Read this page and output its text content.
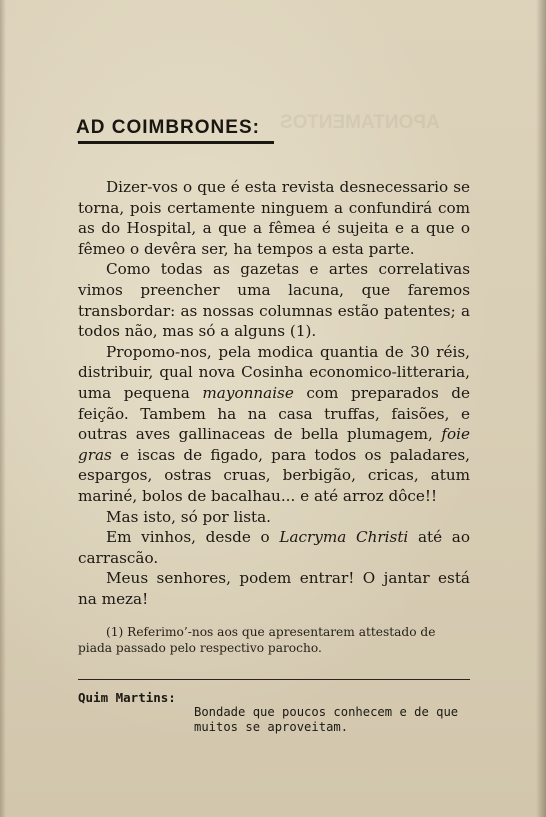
APONTAMENTOS

AD COIMBRONES:

Dizer-vos o que é esta revista desnecessario se torna, pois certamente ninguem a confundirá com as do Hospital, a que a fêmea é sujeita e a que o fêmeo o devêra ser, ha tempos a esta parte.

Como todas as gazetas e artes correlativas vimos preencher uma lacuna, que faremos transbordar: as nossas columnas estão patentes; a todos não, mas só a alguns (1).

Propomo-nos, pela modica quantia de 30 réis, distribuir, qual nova Cosinha economico-litteraria, uma pequena mayonnaise com preparados de feição. Tambem ha na casa truffas, faisões, e outras aves gallinaceas de bella plumagem, foie gras e iscas de figado, para todos os paladares, espargos, ostras cruas, berbigão, cricas, atum mariné, bolos de bacalhau... e até arroz dôce!!

Mas isto, só por lista.

Em vinhos, desde o Lacryma Christi até ao carrascão.

Meus senhores, podem entrar! O jantar está na meza!

(1) Referimo’-nos aos que apresentarem attestado de piada passado pelo respectivo parocho.

Quim Martins:
Bondade que poucos conhecem e de que muitos se aproveitam.
